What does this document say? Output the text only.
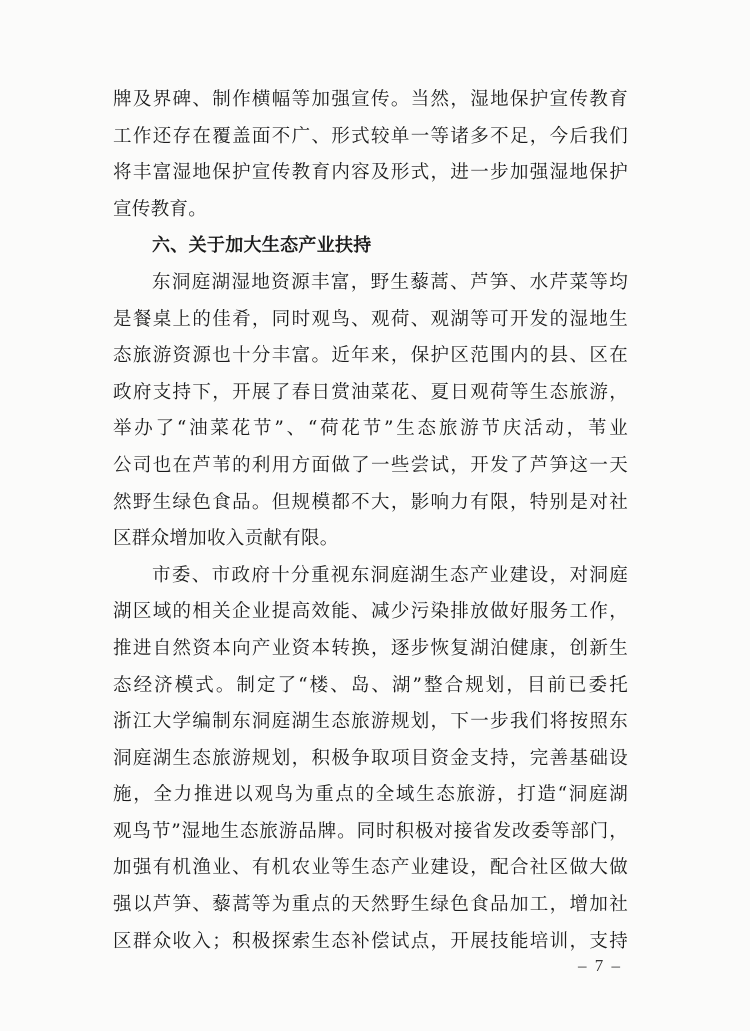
牌及界碑、制作横幅等加强宣传。当然，湿地保护宣传教育
工作还存在覆盖面不广、形式较单一等诸多不足，今后我们
将丰富湿地保护宣传教育内容及形式，进一步加强湿地保护
宣传教育。
六、关于加大生态产业扶持
东洞庭湖湿地资源丰富，野生藜蒿、芦笋、水芹菜等均
是餐桌上的佳肴，同时观鸟、观荷、观湖等可开发的湿地生
态旅游资源也十分丰富。近年来，保护区范围内的县、区在
政府支持下，开展了春日赏油菜花、夏日观荷等生态旅游，
举办了“油菜花节”、“荷花节”生态旅游节庆活动，苇业
公司也在芦苇的利用方面做了一些尝试，开发了芦笋这一天
然野生绿色食品。但规模都不大，影响力有限，特别是对社
区群众增加收入贡献有限。
市委、市政府十分重视东洞庭湖生态产业建设，对洞庭
湖区域的相关企业提高效能、减少污染排放做好服务工作，
推进自然资本向产业资本转换，逐步恢复湖泊健康，创新生
态经济模式。制定了“楼、岛、湖”整合规划，目前已委托
浙江大学编制东洞庭湖生态旅游规划，下一步我们将按照东
洞庭湖生态旅游规划，积极争取项目资金支持，完善基础设
施，全力推进以观鸟为重点的全域生态旅游，打造“洞庭湖
观鸟节”湿地生态旅游品牌。同时积极对接省发改委等部门，
加强有机渔业、有机农业等生态产业建设，配合社区做大做
强以芦笋、藜蒿等为重点的天然野生绿色食品加工，增加社
区群众收入；积极探索生态补偿试点，开展技能培训，支持
– 7 –
